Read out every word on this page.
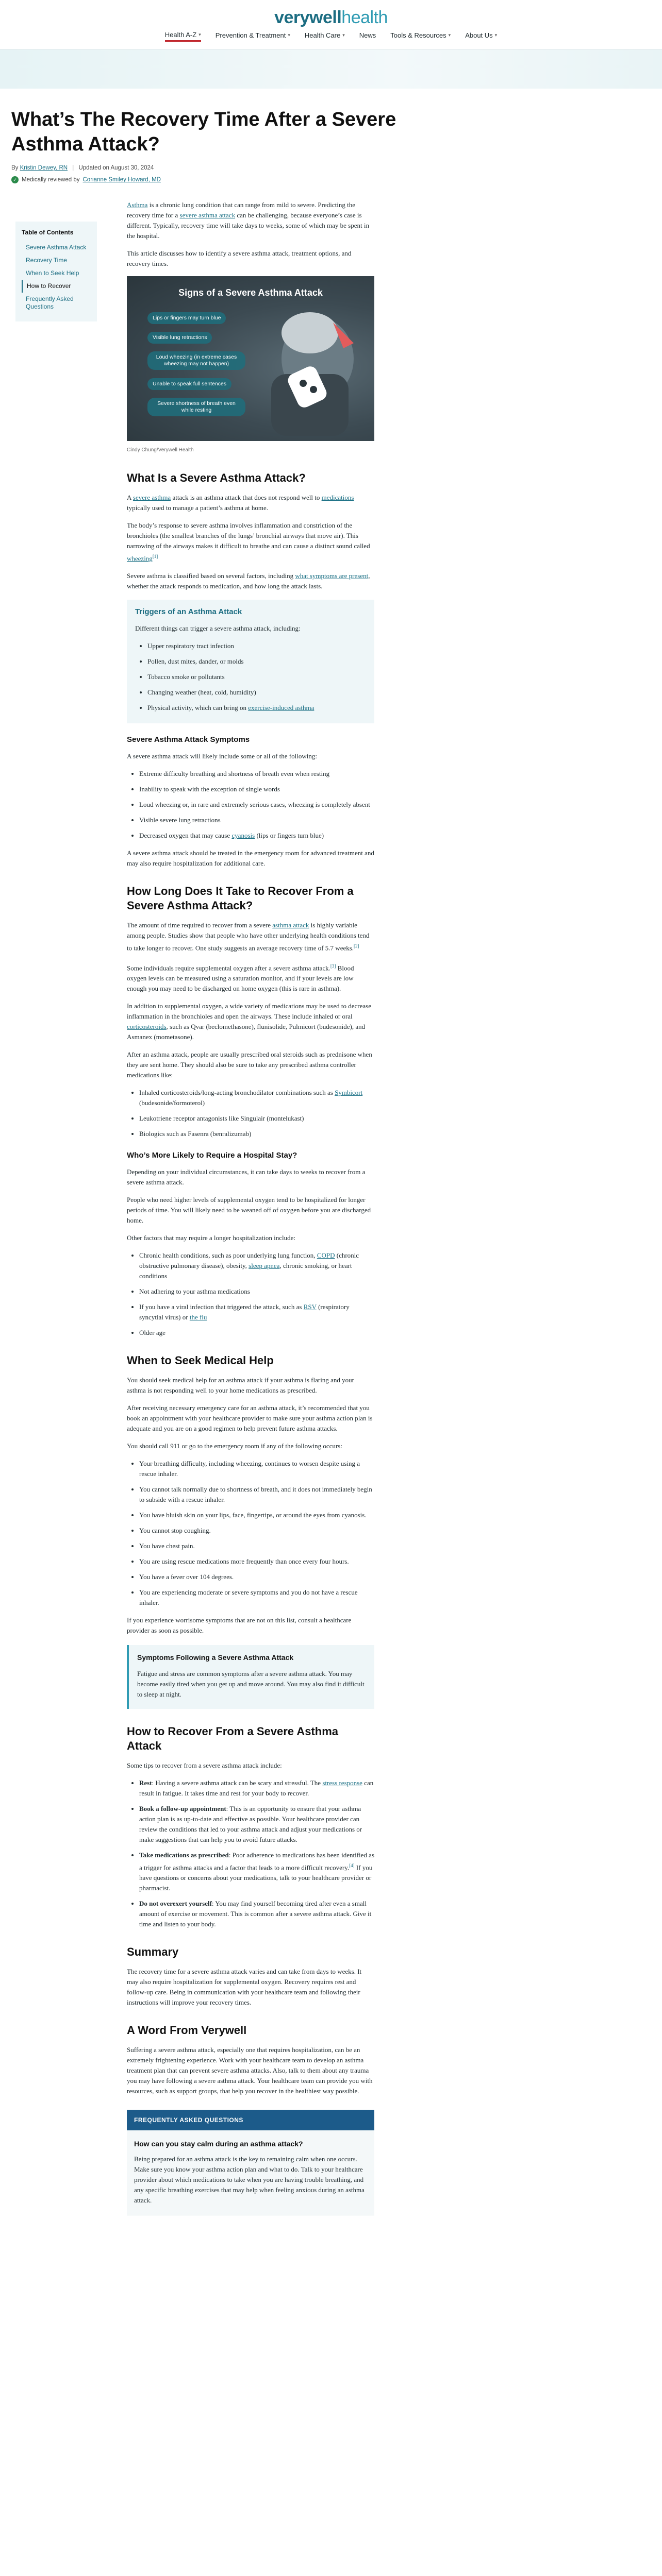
verywellhealth
Health A-Z ▾ Prevention & Treatment ▾ Health Care ▾ News Tools & Resources ▾ About Us ▾
What’s The Recovery Time After a Severe Asthma Attack?
By Kristin Dewey, RN | Updated on August 30, 2024
✓ Medically reviewed by Corianne Smiley Howard, MD
Table of Contents
Severe Asthma Attack
Recovery Time
When to Seek Help
How to Recover
Frequently Asked Questions

Asthma is a chronic lung condition that can range from mild to severe. Predicting the recovery time for a severe asthma attack can be challenging, because everyone’s case is different. Typically, recovery time will take days to weeks, some of which may be spent in the hospital.

This article discusses how to identify a severe asthma attack, treatment options, and recovery times.

Signs of a Severe Asthma Attack
Lips or fingers may turn blue
Visible lung retractions
Loud wheezing (in extreme cases wheezing may not happen)
Unable to speak full sentences
Severe shortness of breath even while resting
Cindy Chung/Verywell Health
What Is a Severe Asthma Attack?

A severe asthma attack is an asthma attack that does not respond well to medications typically used to manage a patient’s asthma at home.

The body’s response to severe asthma involves inflammation and constriction of the bronchioles (the smallest branches of the lungs’ bronchial airways that move air). This narrowing of the airways makes it difficult to breathe and can cause a distinct sound called wheezing[1]

Severe asthma is classified based on several factors, including what symptoms are present, whether the attack responds to medication, and how long the attack lasts.

Triggers of an Asthma Attack

Different things can trigger a severe asthma attack, including:

• Upper respiratory tract infection
• Pollen, dust mites, dander, or molds
• Tobacco smoke or pollutants
• Changing weather (heat, cold, humidity)
• Physical activity, which can bring on exercise-induced asthma
Severe Asthma Attack Symptoms

A severe asthma attack will likely include some or all of the following:

• Extreme difficulty breathing and shortness of breath even when resting
• Inability to speak with the exception of single words
• Loud wheezing or, in rare and extremely serious cases, wheezing is completely absent
• Visible severe lung retractions
• Decreased oxygen that may cause cyanosis (lips or fingers turn blue)

A severe asthma attack should be treated in the emergency room for advanced treatment and may also require hospitalization for additional care.

How Long Does It Take to Recover From a Severe Asthma Attack?

The amount of time required to recover from a severe asthma attack is highly variable among people. Studies show that people who have other underlying health conditions tend to take longer to recover. One study suggests an average recovery time of 5.7 weeks.[2]

Some individuals require supplemental oxygen after a severe asthma attack.[3] Blood oxygen levels can be measured using a saturation monitor, and if your levels are low enough you may need to be discharged on home oxygen (this is rare in asthma).

In addition to supplemental oxygen, a wide variety of medications may be used to decrease inflammation in the bronchioles and open the airways. These include inhaled or oral corticosteroids, such as Qvar (beclomethasone), flunisolide, Pulmicort (budesonide), and Asmanex (mometasone).

After an asthma attack, people are usually prescribed oral steroids such as prednisone when they are sent home. They should also be sure to take any prescribed asthma controller medications like:

• Inhaled corticosteroids/long-acting bronchodilator combinations such as Symbicort (budesonide/formoterol)
• Leukotriene receptor antagonists like Singulair (montelukast)
• Biologics such as Fasenra (benralizumab)
Who’s More Likely to Require a Hospital Stay?

Depending on your individual circumstances, it can take days to weeks to recover from a severe asthma attack.

People who need higher levels of supplemental oxygen tend to be hospitalized for longer periods of time. You will likely need to be weaned off of oxygen before you are discharged home.

Other factors that may require a longer hospitalization include:

• Chronic health conditions, such as poor underlying lung function, COPD (chronic obstructive pulmonary disease), obesity, sleep apnea, chronic smoking, or heart conditions
• Not adhering to your asthma medications
• If you have a viral infection that triggered the attack, such as RSV (respiratory syncytial virus) or the flu
• Older age
When to Seek Medical Help

You should seek medical help for an asthma attack if your asthma is flaring and your asthma is not responding well to your home medications as prescribed.

After receiving necessary emergency care for an asthma attack, it’s recommended that you book an appointment with your healthcare provider to make sure your asthma action plan is adequate and you are on a good regimen to help prevent future asthma attacks.

You should call 911 or go to the emergency room if any of the following occurs:

• Your breathing difficulty, including wheezing, continues to worsen despite using a rescue inhaler.
• You cannot talk normally due to shortness of breath, and it does not immediately begin to subside with a rescue inhaler.
• You have bluish skin on your lips, face, fingertips, or around the eyes from cyanosis.
• You cannot stop coughing.
• You have chest pain.
• You are using rescue medications more frequently than once every four hours.
• You have a fever over 104 degrees.
• You are experiencing moderate or severe symptoms and you do not have a rescue inhaler.

If you experience worrisome symptoms that are not on this list, consult a healthcare provider as soon as possible.

Symptoms Following a Severe Asthma Attack

Fatigue and stress are common symptoms after a severe asthma attack. You may become easily tired when you get up and move around. You may also find it difficult to sleep at night.

How to Recover From a Severe Asthma Attack

Some tips to recover from a severe asthma attack include:

• Rest: Having a severe asthma attack can be scary and stressful. The stress response can result in fatigue. It takes time and rest for your body to recover.
• Book a follow-up appointment: This is an opportunity to ensure that your asthma action plan is as up-to-date and effective as possible. Your healthcare provider can review the conditions that led to your asthma attack and adjust your medications or make suggestions that can help you to avoid future attacks.
• Take medications as prescribed: Poor adherence to medications has been identified as a trigger for asthma attacks and a factor that leads to a more difficult recovery.[4] If you have questions or concerns about your medications, talk to your healthcare provider or pharmacist.
• Do not overexert yourself: You may find yourself becoming tired after even a small amount of exercise or movement. This is common after a severe asthma attack. Give it time and listen to your body.
Summary

The recovery time for a severe asthma attack varies and can take from days to weeks. It may also require hospitalization for supplemental oxygen. Recovery requires rest and follow-up care. Being in communication with your healthcare team and following their instructions will improve your recovery times.

A Word From Verywell

Suffering a severe asthma attack, especially one that requires hospitalization, can be an extremely frightening experience. Work with your healthcare team to develop an asthma treatment plan that can prevent severe asthma attacks. Also, talk to them about any trauma you may have following a severe asthma attack. Your healthcare team can provide you with resources, such as support groups, that help you recover in the healthiest way possible.

FREQUENTLY ASKED QUESTIONS
How can you stay calm during an asthma attack?

Being prepared for an asthma attack is the key to remaining calm when one occurs. Make sure you know your asthma action plan and what to do. Talk to your healthcare provider about which medications to take when you are having trouble breathing, and any specific breathing exercises that may help when feeling anxious during an asthma attack.
